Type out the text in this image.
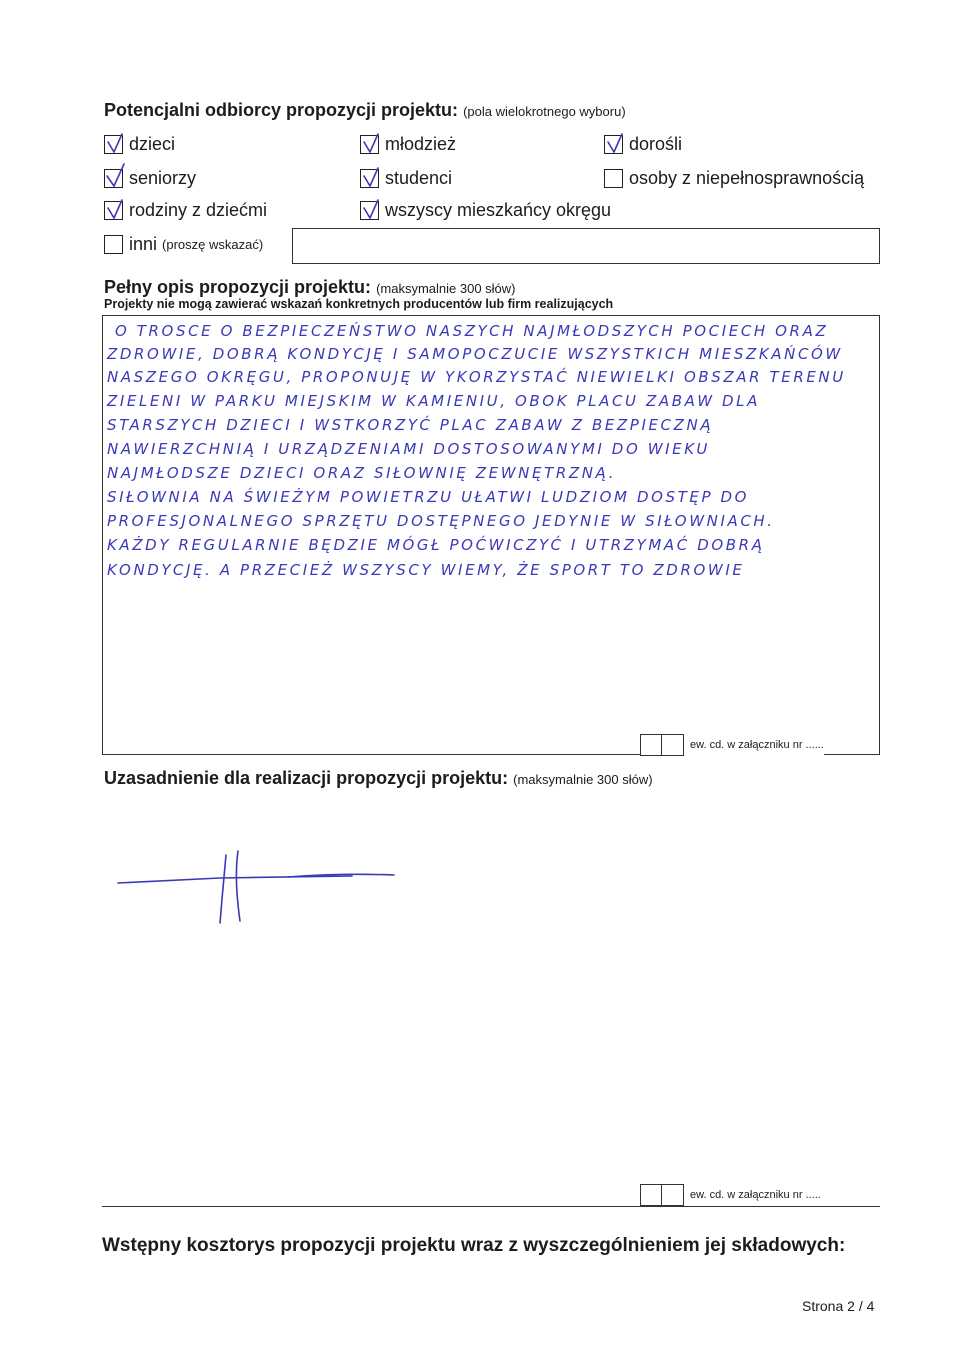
Potencjalni odbiorcy propozycji projektu: (pola wielokrotnego wyboru)
dzieci	młodzież	dorośli
seniorzy	studenci	osoby z niepełnosprawnością
rodziny z dziećmi	wszyscy mieszkańcy okręgu
inni (proszę wskazać)
Pełny opis propozycji projektu: (maksymalnie 300 słów)
Projekty nie mogą zawierać wskazań konkretnych producentów lub firm realizujących
O TROSCE O BEZPIECZEŃSTWO NASZYCH NAJMŁODSZYCH POCIECH ORAZ
ZDROWIE, DOBRĄ KONDYCJĘ I SAMOPOCZUCIE WSZYSTKICH MIESZKAŃCÓW
NASZEGO OKRĘGU, PROPONUJĘ W YKORZYSTAĆ NIEWIELKI OBSZAR TERENU
ZIELENI W PARKU MIEJSKIM W KAMIENIU, OBOK PLACU ZABAW DLA
STARSZYCH DZIECI I WSTKORZYĆ PLAC ZABAW Z BEZPIECZNĄ
NAWIERZCHNIĄ I URZĄDZENIAMI DOSTOSOWANYMI DO WIEKU
NAJMŁODSZE DZIECI ORAZ SIŁOWNIĘ ZEWNĘTRZNĄ.
SIŁOWNIA NA ŚWIEŻYM POWIETRZU UŁATWI LUDZIOM DOSTĘP DO
PROFESJONALNEGO SPRZĘTU DOSTĘPNEGO JEDYNIE W SIŁOWNIACH.
KAŻDY REGULARNIE BĘDZIE MÓGŁ POĆWICZYĆ I UTRZYMAĆ DOBRĄ
KONDYCJĘ. A PRZECIEŻ WSZYSCY WIEMY, ŻE SPORT TO ZDROWIE
ew. cd. w załączniku nr ......
Uzasadnienie dla realizacji propozycji projektu: (maksymalnie 300 słów)
ew. cd. w załączniku nr .....
Wstępny kosztorys propozycji projektu wraz z wyszczególnieniem jej składowych:
Strona 2 / 4
